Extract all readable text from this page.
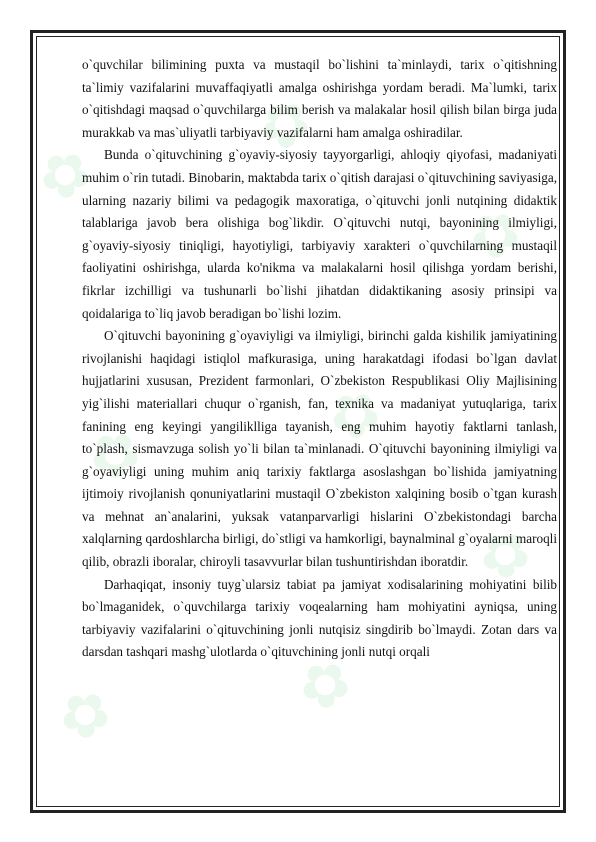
✿
✿
✿
✿	✿
✿
✿	✿

o`quvchilar bilimining puxta va mustaqil bo`lishini ta`minlaydi, tarix o`qitishning ta`limiy vazifalarini muvaffaqiyatli amalga oshirishga yordam beradi. Ma`lumki, tarix o`qitishdagi maqsad o`quvchilarga bilim berish va malakalar hosil qilish bilan birga juda murakkab va mas`uliyatli tarbiyaviy vazifalarni ham amalga oshiradilar.

Bunda o`qituvchining g`oyaviy-siyosiy tayyorgarligi, ahloqiy qiyofasi, madaniyati muhim o`rin tutadi. Binobarin, maktabda tarix o`qitish darajasi o`qituvchining saviyasiga, ularning nazariy bilimi va pedagogik maxoratiga, o`qituvchi jonli nutqining didaktik talablariga javob bera olishiga bog`likdir. O`qituvchi nutqi, bayonining ilmiyligi, g`oyaviy-siyosiy tiniqligi, hayotiyligi, tarbiyaviy xarakteri o`quvchilarning mustaqil faoliyatini oshirishga, ularda ko'nikma va malakalarni hosil qilishga yordam berishi, fikrlar izchilligi va tushunarli bo`lishi jihatdan didaktikaning asosiy prinsipi va qoidalariga to`liq javob beradigan bo`lishi lozim.

O`qituvchi bayonining g`oyaviyligi va ilmiyligi, birinchi galda kishilik jamiyatining rivojlanishi haqidagi istiqlol mafkurasiga, uning harakatdagi ifodasi bo`lgan davlat hujjatlarini xususan, Prezident farmonlari, O`zbekiston Respublikasi Oliy Majlisining yig`ilishi materiallari chuqur o`rganish, fan, texnika va madaniyat yutuqlariga, tarix fanining eng keyingi yangiliklliga tayanish, eng muhim hayotiy faktlarni tanlash, to`plash, sismavzuga solish yo`li bilan ta`minlanadi. O`qituvchi bayonining ilmiyligi va g`oyaviyligi uning muhim aniq tarixiy faktlarga asoslashgan bo`lishida jamiyatning ijtimoiy rivojlanish qonuniyatlarini mustaqil O`zbekiston xalqining bosib o`tgan kurash va mehnat an`analarini, yuksak vatanparvarligi hislarini O`zbekistondagi barcha xalqlarning qardoshlarcha birligi, do`stligi va hamkorligi, baynalminal g`oyalarni maroqli qilib, obrazli iboralar, chiroyli tasavvurlar bilan tushuntirishdan iboratdir.

Darhaqiqat, insoniy tuyg`ularsiz tabiat pa jamiyat xodisalarining mohiyatini bilib bo`lmaganidek, o`quvchilarga tarixiy voqealarning ham mohiyatini ayniqsa, uning tarbiyaviy vazifalarini o`qituvchining jonli nutqisiz singdirib bo`lmaydi. Zotan dars va darsdan tashqari mashg`ulotlarda o`qituvchining jonli nutqi orqali
